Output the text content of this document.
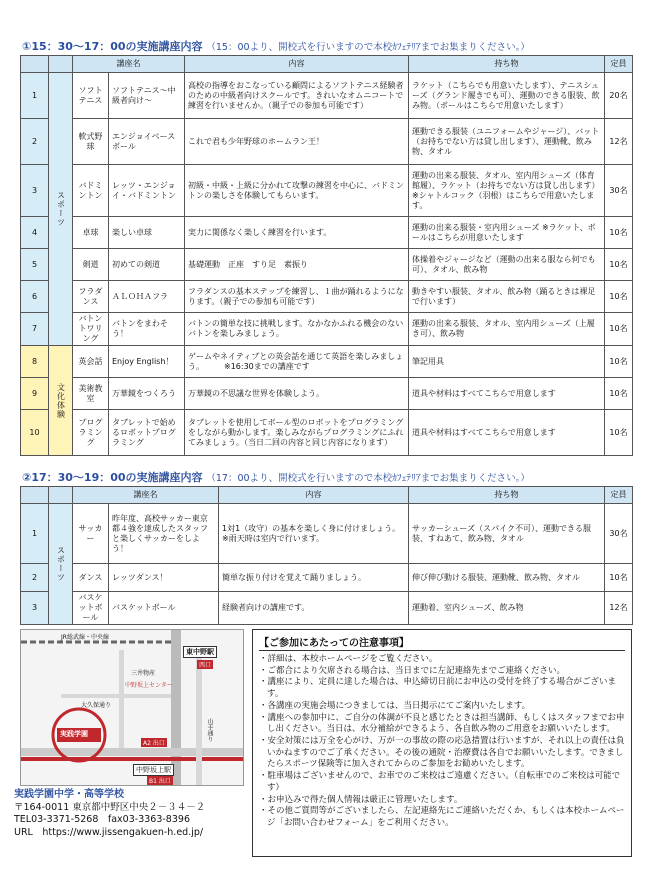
①15：30～17：00の実施講座内容 （15：00より、開校式を行いますので本校ｶﾌｪﾃﾘｱまでお集まりください。）
		講座名		内容	持ち物	定員
1	スポーツ	ソフトテニス	ソフトテニス～中級者向け～	高校の指導をおこなっている顧問によるソフトテニス経験者のための中級者向けスクールです。きれいなオムニコートで練習を行いませんか。（親子での参加も可能です）	ラケット（こちらでも用意いたします）、テニスシューズ（グランド履きでも可）、運動のできる服装、飲み物。（ボールはこちらで用意いたします）	20名
2		軟式野球	エンジョイベースボール	これで君も少年野球のホームラン王！	運動できる服装（ユニフォームやジャージ）、バット（お持ちでない方は貸し出します）、運動靴、飲み物、タオル	12名
3		バドミントン	レッツ・エンジョイ・バドミントン	初級・中級・上級に分かれて攻撃の練習を中心に、バドミントンの楽しさを体験してもらいます。	運動の出来る服装、タオル、室内用シューズ（体育館履）、ラケット（お持ちでない方は貸し出します）※シャトルコック（羽根）はこちらで用意いたします。	30名
4		卓球	楽しい卓球	実力に関係なく楽しく練習を行います。	運動の出来る服装・室内用シューズ ※ラケット、ボールはこちらが用意いたします	10名
5		剣道	初めての剣道	基礎運動　正座　すり足　素振り	体操着やジャージなど（運動の出来る服なら何でも可）、タオル、飲み物	10名
6		フラダンス	ＡＬＯＨＡフラ	フラダンスの基本ステップを練習し、１曲が踊れるようになります。（親子での参加も可能です）	動きやすい服装、タオル、飲み物（踊るときは裸足で行います）	10名
7		バトントワリング	バトンをまわそう！	バトンの簡単な技に挑戦します。なかなかふれる機会のないバトンを楽しみましょう。	運動の出来る服装、タオル、室内用シューズ（上履き可）、飲み物	10名
8	文化体験	英会話	Enjoy English！	ゲームやネイティブとの英会話を通じて英語を楽しみましょう。　　　※16:30までの講座です	筆記用具	10名
9		美術教室	万華鏡をつくろう	万華鏡の不思議な世界を体験しよう。	道具や材料はすべてこちらで用意します	10名
10		プログラミング	タブレットで始めるロボットプログラミング	タブレットを使用してボール型のロボットをプログラミングをしながら動かします。楽しみながらプログラミングにふれてみましょう。（当日二回の内容と同じ内容になります）	道具や材料はすべてこちらで用意します	10名
②17：30～19：00の実施講座内容 （17：00より、開校式を行いますので本校ｶﾌｪﾃﾘｱまでお集まりください。）
		講座名		内容	持ち物	定員
1	スポーツ	サッカー	昨年度、高校サッカー東京都４強を達成したスタッフと楽しくサッカーをしよう！	1対1（攻守）の基本を楽しく身に付けましょう。※雨天時は室内で行います。	サッカーシューズ（スパイク不可）、運動できる服装、すねあて、飲み物、タオル	30名
2		ダンス	レッツダンス！	簡単な振り付けを覚えて踊りましょう。	伸び伸び動ける服装、運動靴、飲み物、タオル	10名
3		バスケットボール	バスケットボール	経験者向けの講座です。	運動着、室内シューズ、飲み物	12名
JR総武線・中央線
東中野駅
西口
三井物産
中野坂上センター
大久保通り
山手通り
実践学園
A2 出口
中野坂上駅
B1 出口
実践学園中学・高等学校
〒164-0011 東京都中野区中央２－３４－２
TEL03-3371-5268　fax03-3363-8396
URL　https://www.jissengakuen-h.ed.jp/
【ご参加にあたっての注意事項】
・詳細は、本校ホームページをご覧ください。
・ご都合により欠席される場合は、当日までに左記連絡先までご連絡ください。
・講座により、定員に達した場合は、申込締切日前にお申込の受付を終了する場合がございます。
・各講座の実施会場につきましては、当日掲示にてご案内いたします。
・講座への参加中に、ご自分の体調が不良と感じたときは担当講師、もしくはスタッフまでお申し出ください。当日は、水分補給ができるよう、各自飲み物のご用意をお願いいたします。
・安全対策には万全を心がけ、万が一の事故の際の応急措置は行いますが、それ以上の責任は負いかねますのでご了承ください。その後の通院・治療費は各自でお願いいたします。できましたらスポーツ保険等に加入されてからのご参加をお勧めいたします。
・駐車場はございませんので、お車でのご来校はご遠慮ください。（自転車でのご来校は可能です）
・お申込みで得た個人情報は厳正に管理いたします。
・その他ご質問等がございましたら、左記連絡先にご連絡いただくか、もしくは本校ホームページ「お問い合わせフォーム」をご利用ください。
